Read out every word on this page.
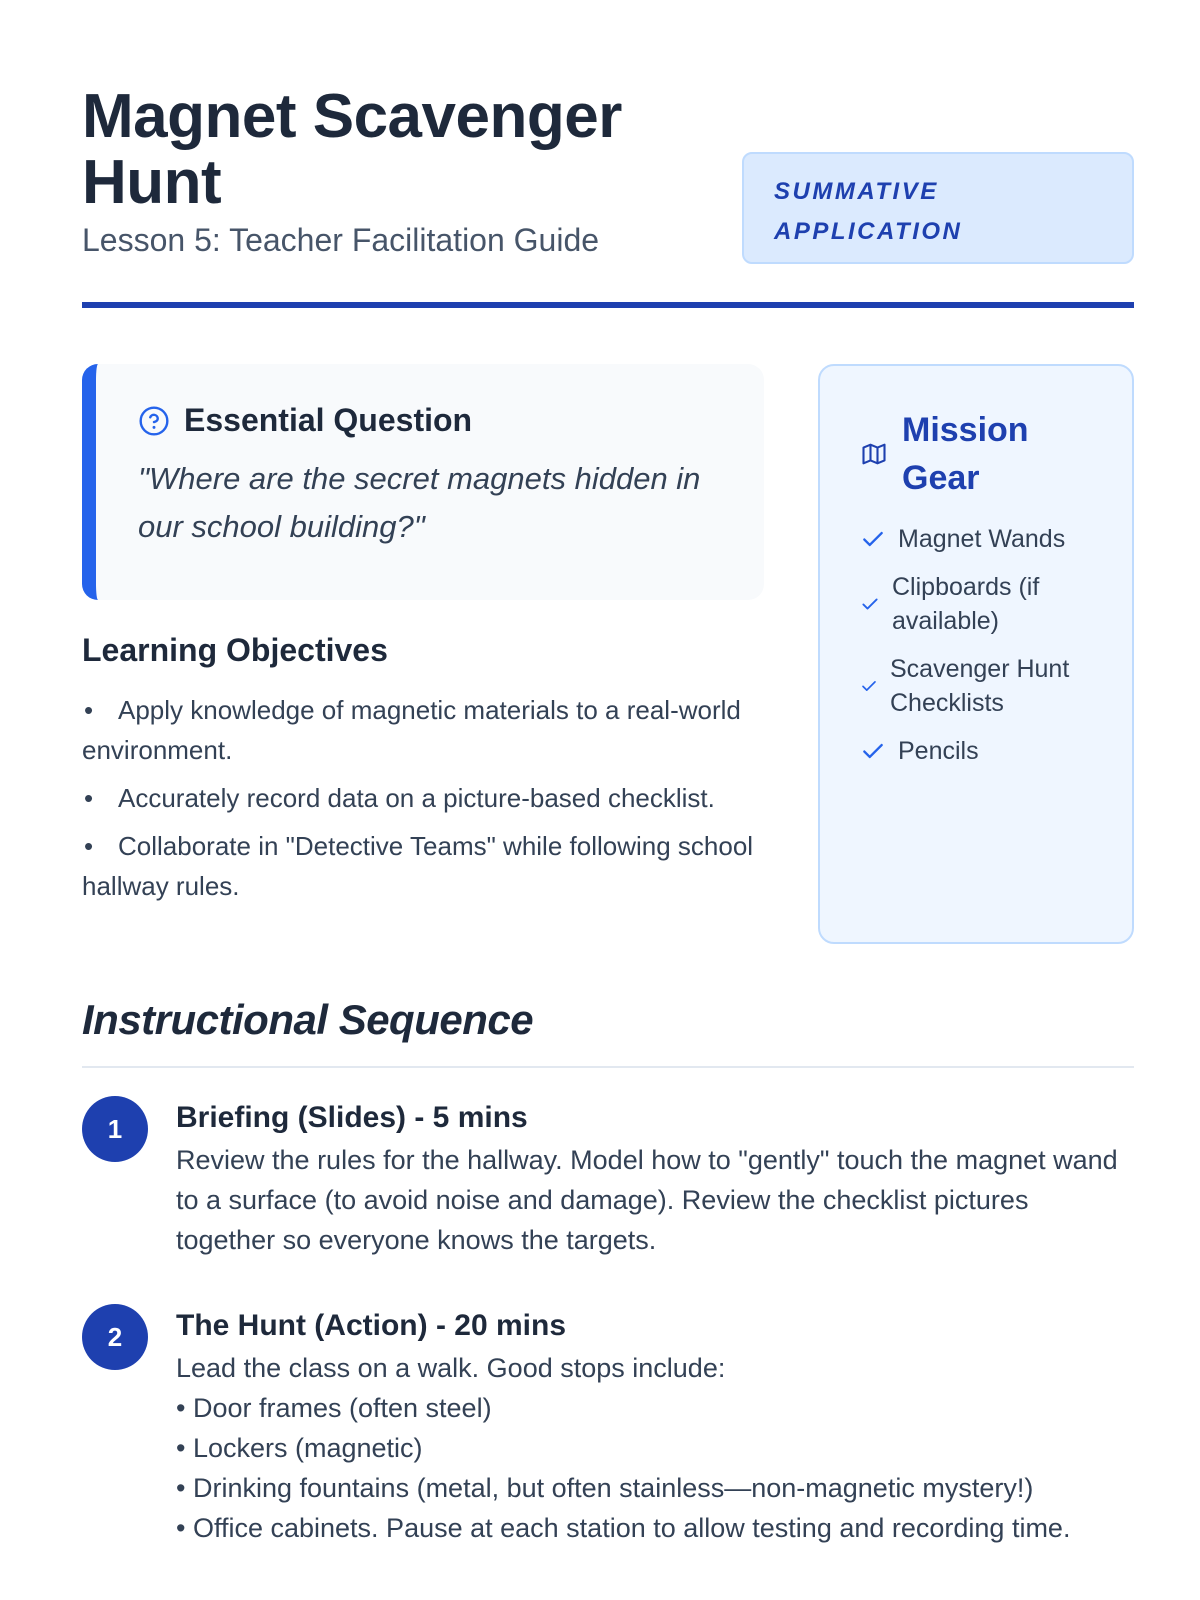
Magnet Scavenger Hunt
Lesson 5: Teacher Facilitation Guide
SUMMATIVE
APPLICATION
Essential Question

"Where are the secret magnets hidden in our school building?"

Learning Objectives
• Apply knowledge of magnetic materials to a real-world environment.
• Accurately record data on a picture-based checklist.
• Collaborate in "Detective Teams" while following school hallway rules.
Mission Gear
Magnet Wands
Clipboards (if available)
Scavenger Hunt Checklists
Pencils
Instructional Sequence
1	Briefing (Slides) - 5 mins

Review the rules for the hallway. Model how to "gently" touch the magnet wand to a surface (to avoid noise and damage). Review the checklist pictures together so everyone knows the targets.

2	The Hunt (Action) - 20 mins

Lead the class on a walk. Good stops include:
• Door frames (often steel)
• Lockers (magnetic)
• Drinking fountains (metal, but often stainless—non-magnetic mystery!)
• Office cabinets. Pause at each station to allow testing and recording time.
